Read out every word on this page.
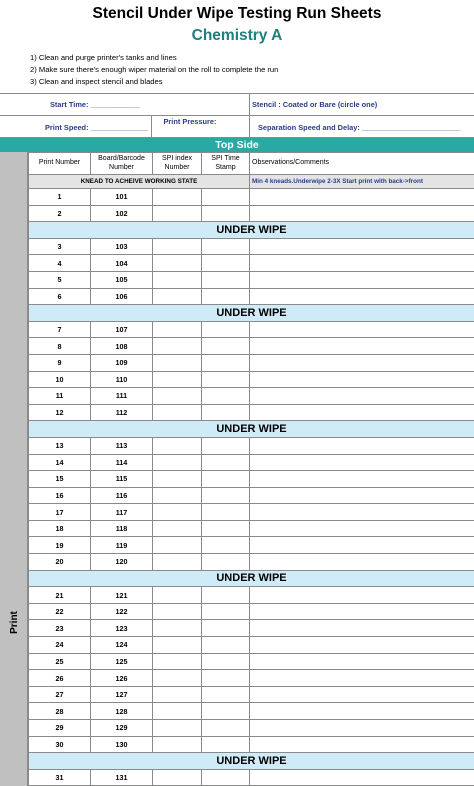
Stencil Under Wipe Testing Run Sheets
Chemistry A
1) Clean and purge printer's tanks and lines
2) Make sure there's enough wiper material on the roll to complete the run
3) Clean and inspect stencil and blades
Start Time: ____________	Stencil : Coated or Bare (circle one)
Print Speed: ______________
Print Pressure:
Separation Speed and Delay: ________________________
Top Side
Print
Print Number	Board/Barcode Number	SPI index Number	SPI Time Stamp	Observations/Comments
KNEAD TO ACHEIVE WORKING STATE				Min 4 kneads.Underwipe 2-3X Start print with back->front
1	101			
2	102			
UNDER WIPE				
3	103			
4	104			
5	105			
6	106			
UNDER WIPE				
7	107			
8	108			
9	109			
10	110			
11	111			
12	112			
UNDER WIPE				
13	113			
14	114			
15	115			
16	116			
17	117			
18	118			
19	119			
20	120			
UNDER WIPE				
21	121			
22	122			
23	123			
24	124			
25	125			
26	126			
27	127			
28	128			
29	129			
30	130			
UNDER WIPE				
31	131			
